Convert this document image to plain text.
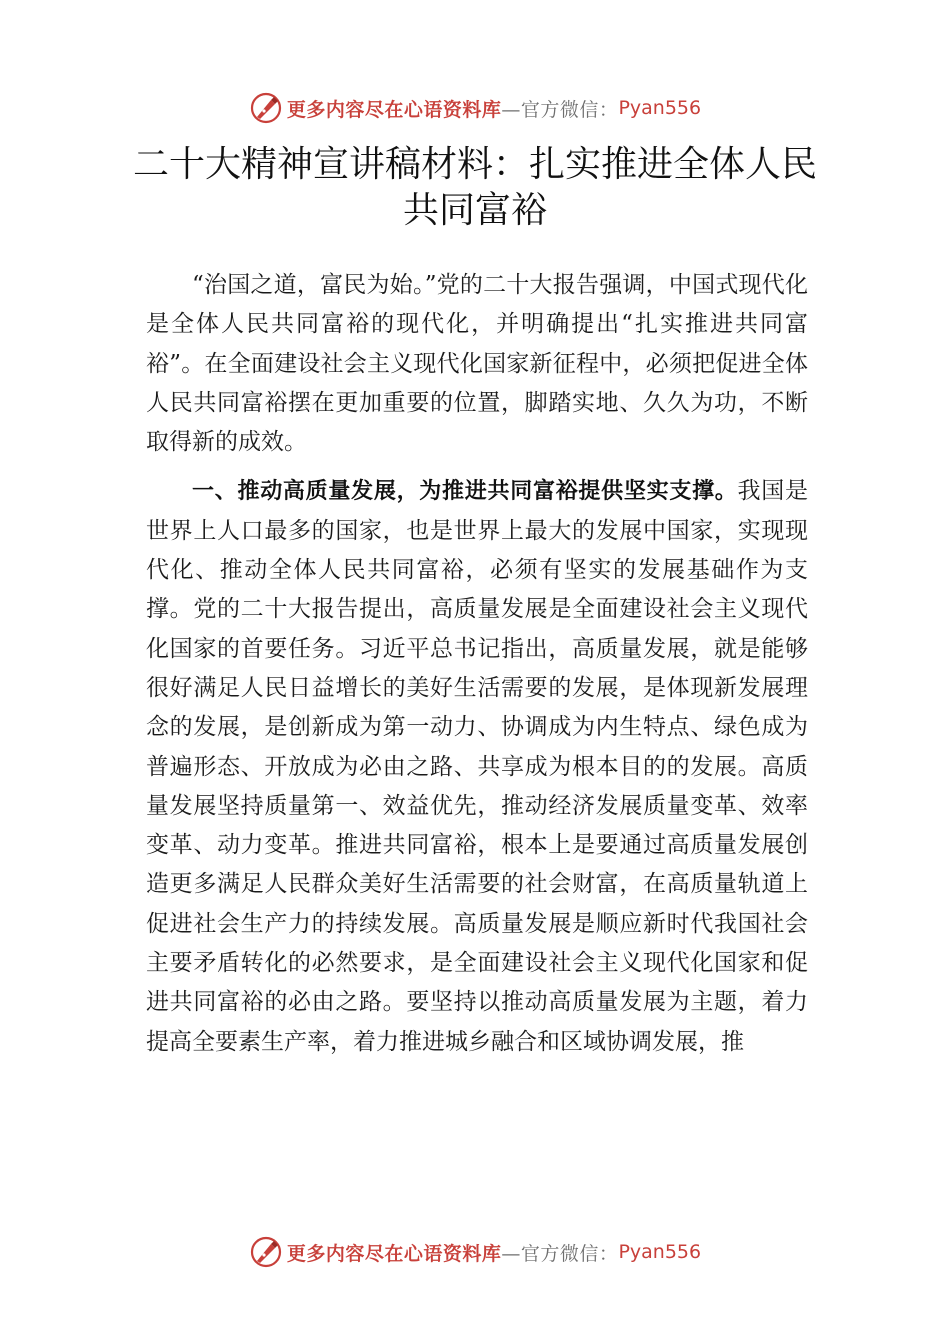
更多内容尽在心语资料库 —官方微信： Pyan556
二十大精神宣讲稿材料：扎实推进全体人民共同富裕

“治国之道，富民为始。”党的二十大报告强调，中国式现代化是全体人民共同富裕的现代化，并明确提出“扎实推进共同富裕”。在全面建设社会主义现代化国家新征程中，必须把促进全体人民共同富裕摆在更加重要的位置，脚踏实地、久久为功，不断取得新的成效。

一、推动高质量发展，为推进共同富裕提供坚实支撑。我国是世界上人口最多的国家，也是世界上最大的发展中国家，实现现代化、推动全体人民共同富裕，必须有坚实的发展基础作为支撑。党的二十大报告提出，高质量发展是全面建设社会主义现代化国家的首要任务。习近平总书记指出，高质量发展，就是能够很好满足人民日益增长的美好生活需要的发展，是体现新发展理念的发展，是创新成为第一动力、协调成为内生特点、绿色成为普遍形态、开放成为必由之路、共享成为根本目的的发展。高质量发展坚持质量第一、效益优先，推动经济发展质量变革、效率变革、动力变革。推进共同富裕，根本上是要通过高质量发展创造更多满足人民群众美好生活需要的社会财富，在高质量轨道上促进社会生产力的持续发展。高质量发展是顺应新时代我国社会主要矛盾转化的必然要求，是全面建设社会主义现代化国家和促进共同富裕的必由之路。要坚持以推动高质量发展为主题，着力提高全要素生产率，着力推进城乡融合和区域协调发展，推

更多内容尽在心语资料库 —官方微信： Pyan556
